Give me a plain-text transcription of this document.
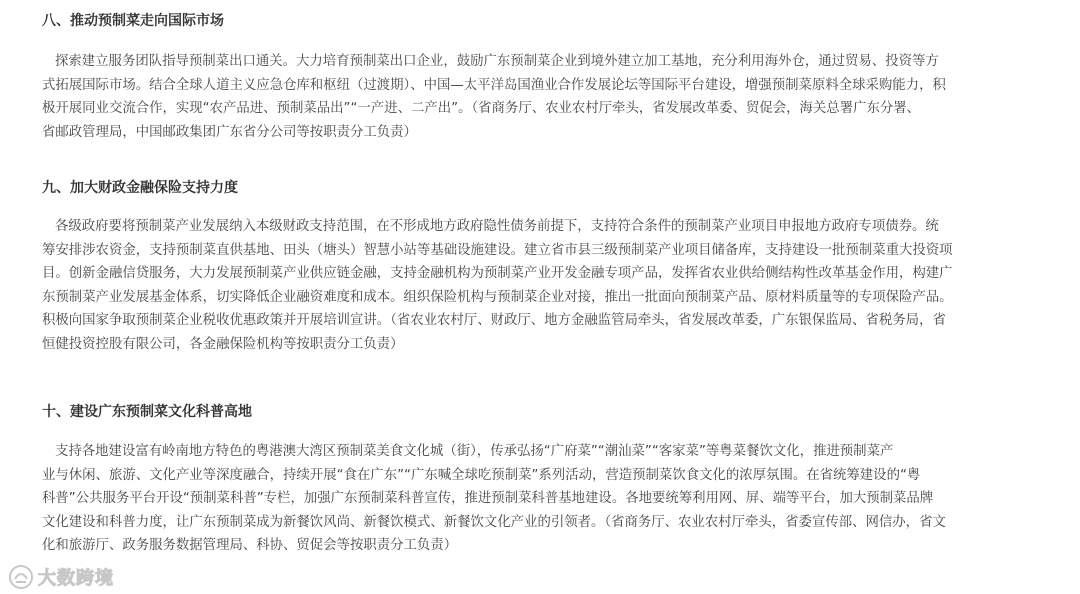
八、推动预制菜走向国际市场
探索建立服务团队指导预制菜出口通关。大力培育预制菜出口企业，鼓励广东预制菜企业到境外建立加工基地，充分利用海外仓，通过贸易、投资等方
式拓展国际市场。结合全球人道主义应急仓库和枢纽（过渡期）、中国—太平洋岛国渔业合作发展论坛等国际平台建设，增强预制菜原料全球采购能力，积
极开展同业交流合作，实现“农产品进、预制菜品出”“一产进、二产出”。（省商务厅、农业农村厅牵头，省发展改革委、贸促会，海关总署广东分署、
省邮政管理局，中国邮政集团广东省分公司等按职责分工负责）
九、加大财政金融保险支持力度
各级政府要将预制菜产业发展纳入本级财政支持范围，在不形成地方政府隐性债务前提下，支持符合条件的预制菜产业项目申报地方政府专项债券。统
筹安排涉农资金，支持预制菜直供基地、田头（塘头）智慧小站等基础设施建设。建立省市县三级预制菜产业项目储备库，支持建设一批预制菜重大投资项
目。创新金融信贷服务，大力发展预制菜产业供应链金融，支持金融机构为预制菜产业开发金融专项产品，发挥省农业供给侧结构性改革基金作用，构建广
东预制菜产业发展基金体系，切实降低企业融资难度和成本。组织保险机构与预制菜企业对接，推出一批面向预制菜产品、原材料质量等的专项保险产品。
积极向国家争取预制菜企业税收优惠政策并开展培训宣讲。（省农业农村厅、财政厅、地方金融监管局牵头，省发展改革委，广东银保监局、省税务局，省
恒健投资控股有限公司，各金融保险机构等按职责分工负责）
十、建设广东预制菜文化科普高地
支持各地建设富有岭南地方特色的粤港澳大湾区预制菜美食文化城（街），传承弘扬“广府菜”“潮汕菜”“客家菜”等粤菜餐饮文化，推进预制菜产
业与休闲、旅游、文化产业等深度融合，持续开展“食在广东”“广东喊全球吃预制菜”系列活动，营造预制菜饮食文化的浓厚氛围。在省统筹建设的“粤
科普”公共服务平台开设“预制菜科普”专栏，加强广东预制菜科普宣传，推进预制菜科普基地建设。各地要统筹利用网、屏、端等平台，加大预制菜品牌
文化建设和科普力度，让广东预制菜成为新餐饮风尚、新餐饮模式、新餐饮文化产业的引领者。（省商务厅、农业农村厅牵头，省委宣传部、网信办，省文
化和旅游厅、政务服务数据管理局、科协、贸促会等按职责分工负责）
大数跨境
